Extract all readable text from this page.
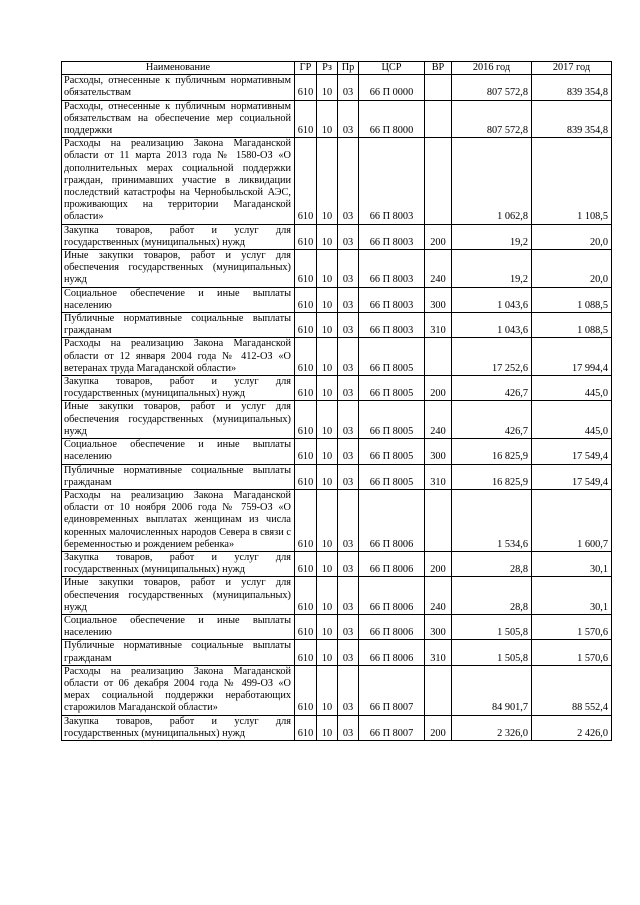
Наименование	ГР	Рз	Пр	ЦСР	ВР	2016 год	2017 год
Расходы, отнесенные к публичным нормативным обязательствам	610	10	03	66 П 0000		807 572,8	839 354,8
Расходы, отнесенные к публичным нормативным обязательствам на обеспечение мер социальной поддержки	610	10	03	66 П 8000		807 572,8	839 354,8
Расходы на реализацию Закона Магаданской области от 11 марта 2013 года № 1580-ОЗ «О дополнительных мерах социальной поддержки граждан, принимавших участие в ликвидации последствий катастрофы на Чернобыльской АЭС, проживающих на территории Магаданской области»	610	10	03	66 П 8003		1 062,8	1 108,5
Закупка товаров, работ и услуг для государственных (муниципальных) нужд	610	10	03	66 П 8003	200	19,2	20,0
Иные закупки товаров, работ и услуг для обеспечения государственных (муниципальных) нужд	610	10	03	66 П 8003	240	19,2	20,0
Социальное обеспечение и иные выплаты населению	610	10	03	66 П 8003	300	1 043,6	1 088,5
Публичные нормативные социальные выплаты гражданам	610	10	03	66 П 8003	310	1 043,6	1 088,5
Расходы на реализацию Закона Магаданской области от 12 января 2004 года № 412-ОЗ «О ветеранах труда Магаданской области»	610	10	03	66 П 8005		17 252,6	17 994,4
Закупка товаров, работ и услуг для государственных (муниципальных) нужд	610	10	03	66 П 8005	200	426,7	445,0
Иные закупки товаров, работ и услуг для обеспечения государственных (муниципальных) нужд	610	10	03	66 П 8005	240	426,7	445,0
Социальное обеспечение и иные выплаты населению	610	10	03	66 П 8005	300	16 825,9	17 549,4
Публичные нормативные социальные выплаты гражданам	610	10	03	66 П 8005	310	16 825,9	17 549,4
Расходы на реализацию Закона Магаданской области от 10 ноября 2006 года № 759-ОЗ «О единовременных выплатах женщинам из числа коренных малочисленных народов Севера в связи с беременностью и рождением ребенка»	610	10	03	66 П 8006		1 534,6	1 600,7
Закупка товаров, работ и услуг для государственных (муниципальных) нужд	610	10	03	66 П 8006	200	28,8	30,1
Иные закупки товаров, работ и услуг для обеспечения государственных (муниципальных) нужд	610	10	03	66 П 8006	240	28,8	30,1
Социальное обеспечение и иные выплаты населению	610	10	03	66 П 8006	300	1 505,8	1 570,6
Публичные нормативные социальные выплаты гражданам	610	10	03	66 П 8006	310	1 505,8	1 570,6
Расходы на реализацию Закона Магаданской области от 06 декабря 2004 года № 499-ОЗ «О мерах социальной поддержки неработающих старожилов Магаданской области»	610	10	03	66 П 8007		84 901,7	88 552,4
Закупка товаров, работ и услуг для государственных (муниципальных) нужд	610	10	03	66 П 8007	200	2 326,0	2 426,0
